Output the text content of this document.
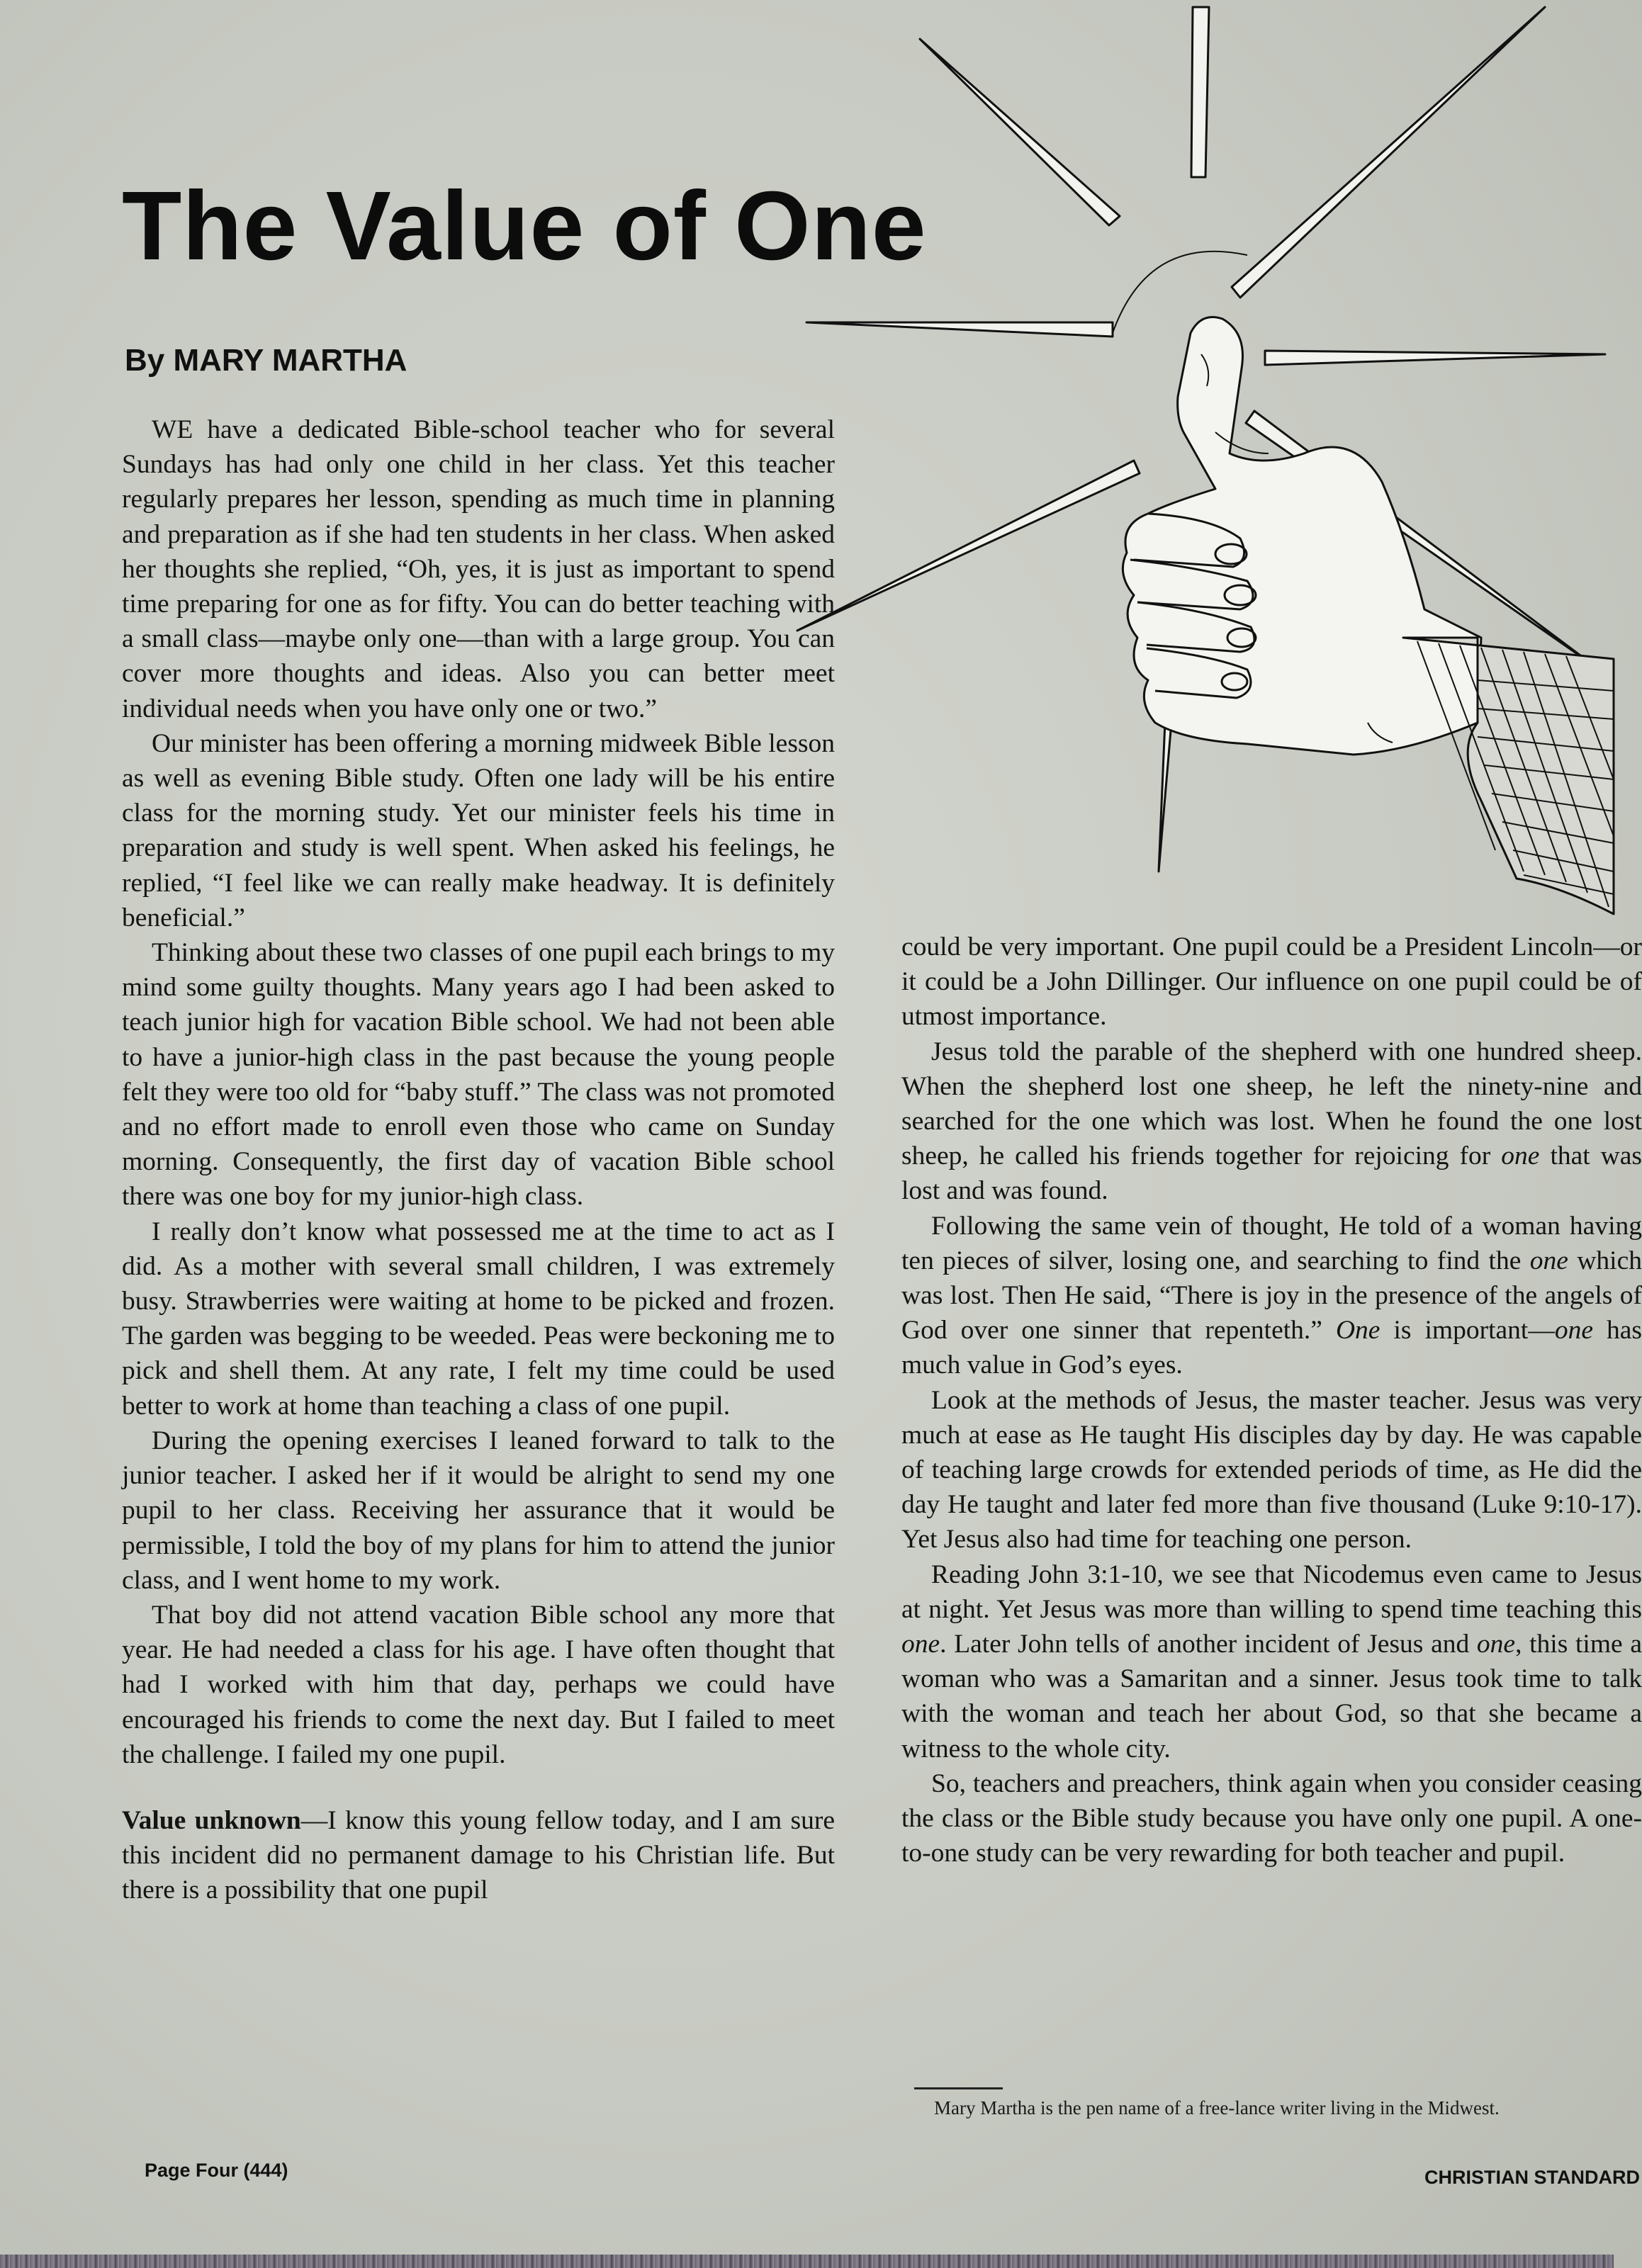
The Value of One
By MARY MARTHA

WE have a dedicated Bible-school teacher who for several Sundays has had only one child in her class. Yet this teacher regularly prepares her lesson, spending as much time in planning and preparation as if she had ten students in her class. When asked her thoughts she replied, “Oh, yes, it is just as important to spend time preparing for one as for fifty. You can do better teaching with a small class—maybe only one—than with a large group. You can cover more thoughts and ideas. Also you can better meet individual needs when you have only one or two.”

Our minister has been offering a morning midweek Bible lesson as well as evening Bible study. Often one lady will be his entire class for the morning study. Yet our minister feels his time in preparation and study is well spent. When asked his feelings, he replied, “I feel like we can really make headway. It is definitely beneficial.”

Thinking about these two classes of one pupil each brings to my mind some guilty thoughts. Many years ago I had been asked to teach junior high for vacation Bible school. We had not been able to have a junior-high class in the past because the young people felt they were too old for “baby stuff.” The class was not promoted and no effort made to enroll even those who came on Sunday morning. Consequently, the first day of vacation Bible school there was one boy for my junior-high class.

I really don’t know what possessed me at the time to act as I did. As a mother with several small children, I was extremely busy. Strawberries were waiting at home to be picked and frozen. The garden was begging to be weeded. Peas were beckoning me to pick and shell them. At any rate, I felt my time could be used better to work at home than teaching a class of one pupil.

During the opening exercises I leaned forward to talk to the junior teacher. I asked her if it would be alright to send my one pupil to her class. Receiving her assurance that it would be permissible, I told the boy of my plans for him to attend the junior class, and I went home to my work.

That boy did not attend vacation Bible school any more that year. He had needed a class for his age. I have often thought that had I worked with him that day, perhaps we could have encouraged his friends to come the next day. But I failed to meet the challenge. I failed my one pupil.

Value unknown—I know this young fellow today, and I am sure this incident did no permanent damage to his Christian life. But there is a possibility that one pupil

could be very important. One pupil could be a President Lincoln—or it could be a John Dillinger. Our influence on one pupil could be of utmost importance.

Jesus told the parable of the shepherd with one hundred sheep. When the shepherd lost one sheep, he left the ninety-nine and searched for the one which was lost. When he found the one lost sheep, he called his friends together for rejoicing for one that was lost and was found.

Following the same vein of thought, He told of a woman having ten pieces of silver, losing one, and searching to find the one which was lost. Then He said, “There is joy in the presence of the angels of God over one sinner that repenteth.” One is important—one has much value in God’s eyes.

Look at the methods of Jesus, the master teacher. Jesus was very much at ease as He taught His disciples day by day. He was capable of teaching large crowds for extended periods of time, as He did the day He taught and later fed more than five thousand (Luke 9:10-17). Yet Jesus also had time for teaching one person.

Reading John 3:1-10, we see that Nicodemus even came to Jesus at night. Yet Jesus was more than willing to spend time teaching this one. Later John tells of another incident of Jesus and one, this time a woman who was a Samaritan and a sinner. Jesus took time to talk with the woman and teach her about God, so that she became a witness to the whole city.

So, teachers and preachers, think again when you consider ceasing the class or the Bible study because you have only one pupil. A one-to-one study can be very rewarding for both teacher and pupil.

Mary Martha is the pen name of a free-lance writer living in the Midwest.
Page Four (444)	CHRISTIAN STANDARD
